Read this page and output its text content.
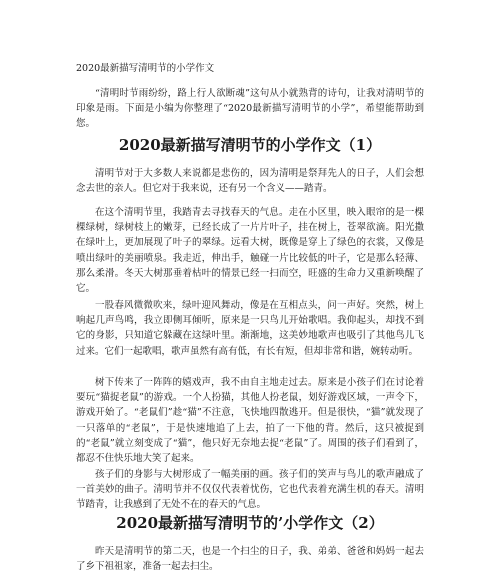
2020最新描写清明节的小学作文

“清明时节雨纷纷，路上行人欲断魂”这句从小就熟背的诗句，让我对清明节的印象是雨。下面是小编为你整理了“2020最新描写清明节的小学”，希望能帮助到您。

2020最新描写清明节的小学作文（1）

清明节对于大多数人来说都是悲伤的，因为清明是祭拜先人的日子，人们会想念去世的亲人。但它对于我来说，还有另一个含义——踏青。

在这个清明节里，我踏青去寻找春天的气息。走在小区里，映入眼帘的是一棵棵绿树，绿树枝上的嫩芽，已经长成了一片片叶子，挂在树上，苍翠欲滴。阳光撒在绿叶上，更加展现了叶子的翠绿。远看大树，既像是穿上了绿色的衣裳，又像是喷出绿叶的美丽喷泉。我走近，伸出手，触碰一片比较低的叶子，它是那么轻薄、那么柔滑。冬天大树那垂着枯叶的情景已经一扫而空，旺盛的生命力又重新唤醒了它。

一股春风微微吹来，绿叶迎风舞动，像是在互相点头，问一声好。突然，树上响起几声鸟鸣，我立即侧耳倾听，原来是一只鸟儿开始歌唱。我仰起头，却找不到它的身影，只知道它躲藏在这绿叶里。渐渐地，这美妙地歌声也吸引了其他鸟儿飞过来。它们一起歌唱，歌声虽然有高有低，有长有短，但却非常和谐，婉转动听。

树下传来了一阵阵的嬉戏声，我不由自主地走过去。原来是小孩子们在讨论着要玩“猫捉老鼠”的游戏。一个人扮猫，其他人扮老鼠，划好游戏区域，一声令下，游戏开始了。“老鼠们”趁“猫”不注意，飞快地四散逃开。但是很快，“猫”就发现了一只落单的“老鼠”，于是快速地追了上去，拍了一下他的背。然后，这只被捉到的“老鼠”就立刻变成了“猫”，他只好无奈地去捉“老鼠”了。周围的孩子们看到了，都忍不住快乐地大笑了起来。

孩子们的身影与大树形成了一幅美丽的画。孩子们的笑声与鸟儿的歌声融成了一首美妙的曲子。清明节并不仅仅代表着忧伤，它也代表着充满生机的春天。清明节踏青，让我感到了无处不在的春天的气息。

2020最新描写清明节的’小学作文（2）

昨天是清明节的第二天，也是一个扫尘的日子，我、弟弟、爸爸和妈妈一起去了乡下祖祖家，准备一起去扫尘。
